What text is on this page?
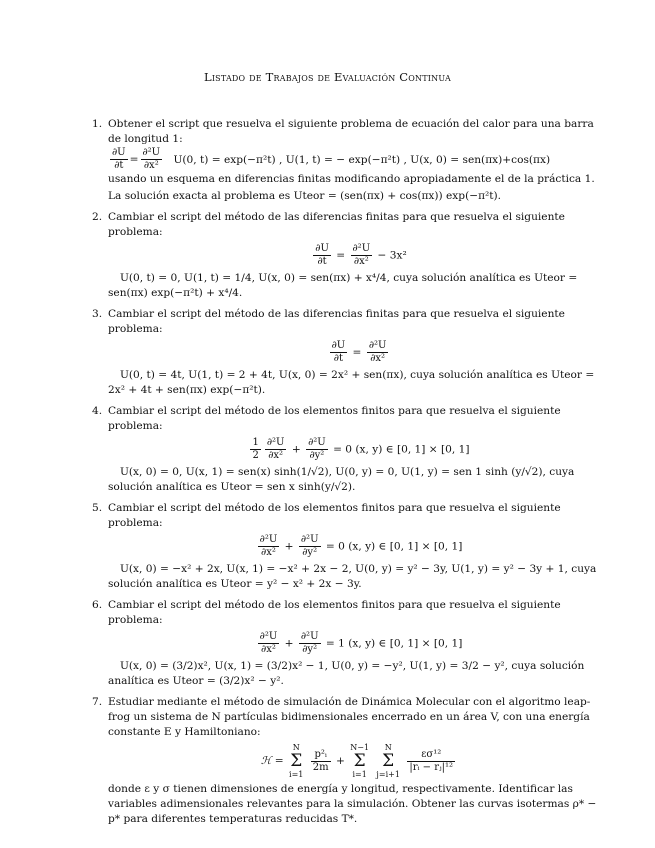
Listado de Trabajos de Evaluación Continua
1. Obtener el script que resuelva el siguiente problema de ecuación del calor para una barra de longitud 1:
$\frac{\partial U}{\partial t} = \frac{\text{∂²U}}{\text{∂x²}} U(0$, t) = exp(−π²t) , U(1, t) = − exp(−π²t) , U(x, 0) = sen(πx)+cos(πx)
usando un esquema en diferencias finitas modificando apropiadamente el de la práctica 1.
La solución exacta al problema es Uteor = (sen(πx) + cos(πx)) exp(−π²t).
2. Cambiar el script del método de las diferencias finitas para que resuelva el siguiente problema:
$\frac{\partial U}{\partial t} = \frac{\text{∂²U}}{\text{∂x²}} - 3x^2$
U(0, t) = 0, U(1, t) = 1/4, U(x, 0) = sen(πx) + x⁴/4, cuya solución analítica es Uteor = sen(πx) exp(−π²t) + x⁴/4.
3. Cambiar el script del método de las diferencias finitas para que resuelva el siguiente problema:
$\frac{\partial U}{\partial t} = \frac{\text{∂²U}}{\text{∂x²}}$
U(0, t) = 4t, U(1, t) = 2 + 4t, U(x, 0) = 2x² + sen(πx), cuya solución analítica es Uteor = 2x² + 4t + sen(πx) exp(−π²t).
4. Cambiar el script del método de los elementos finitos para que resuelva el siguiente problema:
$\frac{1}{2} \frac{\text{∂²U}}{\text{∂x²}} + \frac{\text{∂²U}}{\text{∂y²}} = 0$ (x, y) ∈ [0, 1] × [0, 1]
U(x, 0) = 0, U(x, 1) = sen(x) sinh(1/√2), U(0, y) = 0, U(1, y) = sen 1 sinh (y/√2), cuya solución analítica es Uteor = sen x sinh(y/√2).
5. Cambiar el script del método de los elementos finitos para que resuelva el siguiente problema:
$\frac{\text{∂²U}}{\text{∂x²}} + \frac{\text{∂²U}}{\text{∂y²}} = 0$ (x, y) ∈ [0, 1] × [0, 1]
U(x, 0) = −x² + 2x, U(x, 1) = −x² + 2x − 2, U(0, y) = y² − 3y, U(1, y) = y² − 3y + 1, cuya solución analítica es Uteor = y² − x² + 2x − 3y.
6. Cambiar el script del método de los elementos finitos para que resuelva el siguiente problema:
$\frac{\text{∂²U}}{\text{∂x²}} + \frac{\text{∂²U}}{\text{∂y²}} = 1$ (x, y) ∈ [0, 1] × [0, 1]
U(x, 0) = (3/2)x², U(x, 1) = (3/2)x² − 1, U(0, y) = −y², U(1, y) = 3/2 − y², cuya solución analítica es Uteor = (3/2)x² − y².
7. Estudiar mediante el método de simulación de Dinámica Molecular con el algoritmo leap-frog un sistema de N partículas bidimensionales encerrado en un área V, con una energía constante E y Hamiltoniano:
ℋ = N
Σ
i=1
$\frac{\text{p²ᵢ}}{2m} + N-1$
Σ
i=1 N
Σ
j=i+1
$\frac{\text{εσ¹²}}{\text{|rᵢ − rⱼ|¹²}}$
donde ε y σ tienen dimensiones de energía y longitud, respectivamente. Identificar las variables adimensionales relevantes para la simulación. Obtener las curvas isotermas ρ* − p* para diferentes temperaturas reducidas T*.
